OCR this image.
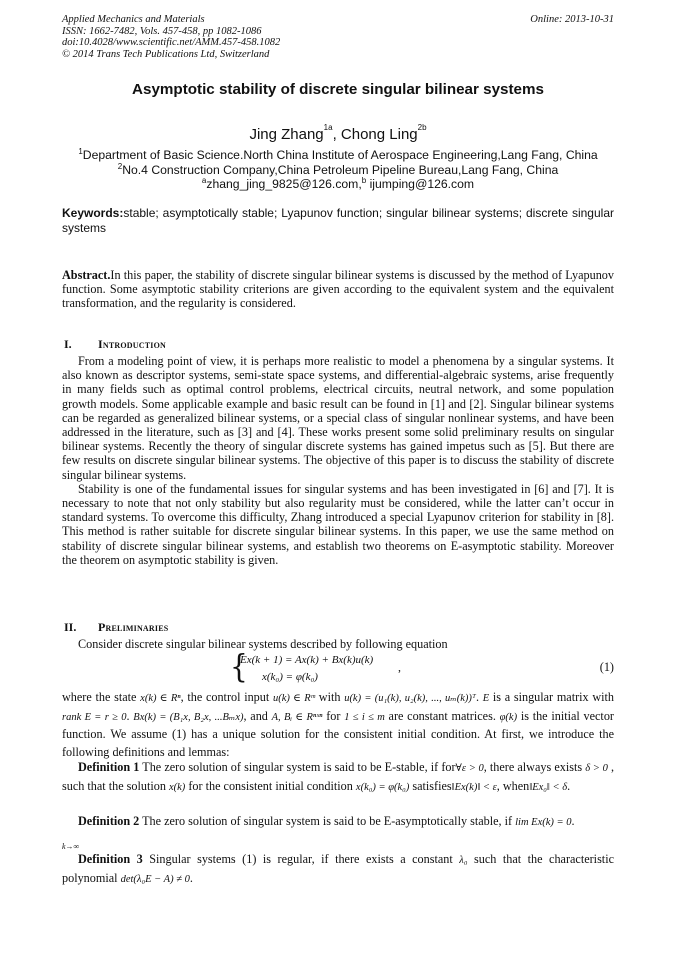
Applied Mechanics and Materials
ISSN: 1662-7482, Vols. 457-458, pp 1082-1086
doi:10.4028/www.scientific.net/AMM.457-458.1082
© 2014 Trans Tech Publications Ltd, Switzerland
Online: 2013-10-31
Asymptotic stability of discrete singular bilinear systems
Jing Zhang$^{1a}$, Chong Ling$^{2b}$
$^1$Department of Basic Science.North China Institute of Aerospace Engineering,Lang Fang, China
$^2$No.4 Construction Company,China Petroleum Pipeline Bureau,Lang Fang, China
$^a$zhang_jing_9825@126.com,$^b$ ijumping@126.com
Keywords:stable; asymptotically stable; Lyapunov function; singular bilinear systems; discrete singular systems

Abstract.In this paper, the stability of discrete singular bilinear systems is discussed by the method of Lyapunov function. Some asymptotic stability criterions are given according to the equivalent system and the equivalent transformation, and the regularity is considered.

I. Introduction

From a modeling point of view, it is perhaps more realistic to model a phenomena by a singular systems. It also known as descriptor systems, semi-state space systems, and differential-algebraic systems, arise frequently in many fields such as optimal control problems, electrical circuits, neutral network, and some population growth models. Some applicable example and basic result can be found in [1] and [2]. Singular bilinear systems can be regarded as generalized bilinear systems, or a special class of singular nonlinear systems, and have been addressed in the literature, such as [3] and [4]. These works present some solid preliminary results on singular bilinear systems. Recently the theory of singular discrete systems has gained impetus such as [5]. But there are few results on discrete singular bilinear systems. The objective of this paper is to discuss the stability of discrete singular bilinear systems.

Stability is one of the fundamental issues for singular systems and has been investigated in [6] and [7]. It is necessary to note that not only stability but also regularity must be considered, while the latter can’t occur in standard systems. To overcome this difficulty, Zhang introduced a special Lyapunov criterion for stability in [8]. This method is rather suitable for discrete singular bilinear systems. In this paper, we use the same method on stability of discrete singular bilinear systems, and establish two theorems on E-asymptotic stability. Moreover the theorem on asymptotic stability is given.

II. Preliminaries

Consider discrete singular bilinear systems described by following equation

{
Ex(k + 1) = Ax(k) + Bx(k)u(k)
x(k₀) = φ(k₀)
,	(1)

where the state x(k) ∈ Rⁿ, the control input u(k) ∈ Rᵐ with u(k) = (u₁(k), u₂(k), ..., uₘ(k))ᵀ. E is a singular matrix with rank E = r ≥ 0. Bx(k) = (B₁x, B₂x, ...Bₘx), and A, Bᵢ ∈ Rⁿˣⁿ for 1 ≤ i ≤ m are constant matrices. φ(k) is the initial vector function. We assume (1) has a unique solution for the consistent initial condition. At first, we introduce the following definitions and lemmas:

Definition 1 The zero solution of singular system is said to be E-stable, if for∀ε > 0, there always exists δ > 0 , such that the solution x(k) for the consistent initial condition x(k₀) = φ(k₀) satisfies‖Ex(k)‖ < ε, when‖Ex₀‖ < δ.

Definition 2 The zero solution of singular system is said to be E-asymptotically stable, if lim Ex(k) = 0.

k→∞

Definition 3 Singular systems (1) is regular, if there exists a constant λ₀ such that the characteristic polynomial det(λ₀E − A) ≠ 0.
